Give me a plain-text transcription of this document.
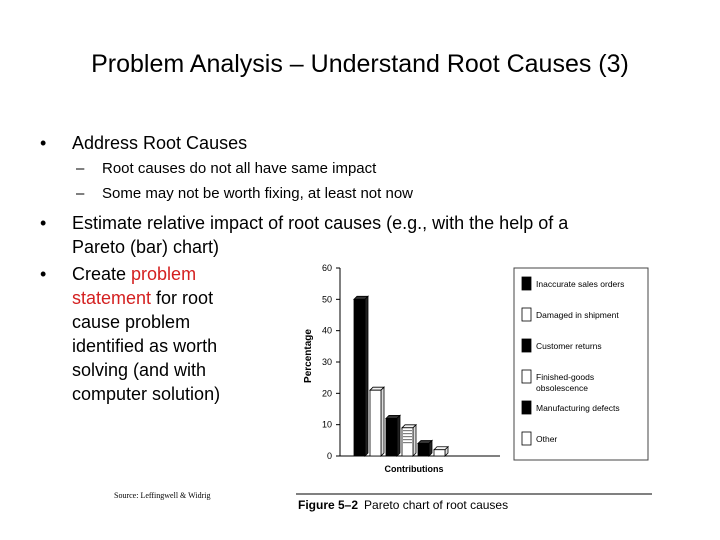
Problem Analysis – Understand Root Causes (3)
• Address Root Causes
– Root causes do not all have same impact
– Some may not be worth fixing, at least not now
• Estimate relative impact of root causes (e.g., with the help of a
Pareto (bar) chart)
• Create problem
statement for root
cause problem
identified as worth
solving (and with
computer solution)
Percentage
0
10
20
30
40
50
60
Contributions
Inaccurate sales orders
Damaged in shipment
Customer returns
Finished-goods
obsolescence
Manufacturing defects
Other
Source: Leffingwell & Widrig
Figure 5–2 Pareto chart of root causes
